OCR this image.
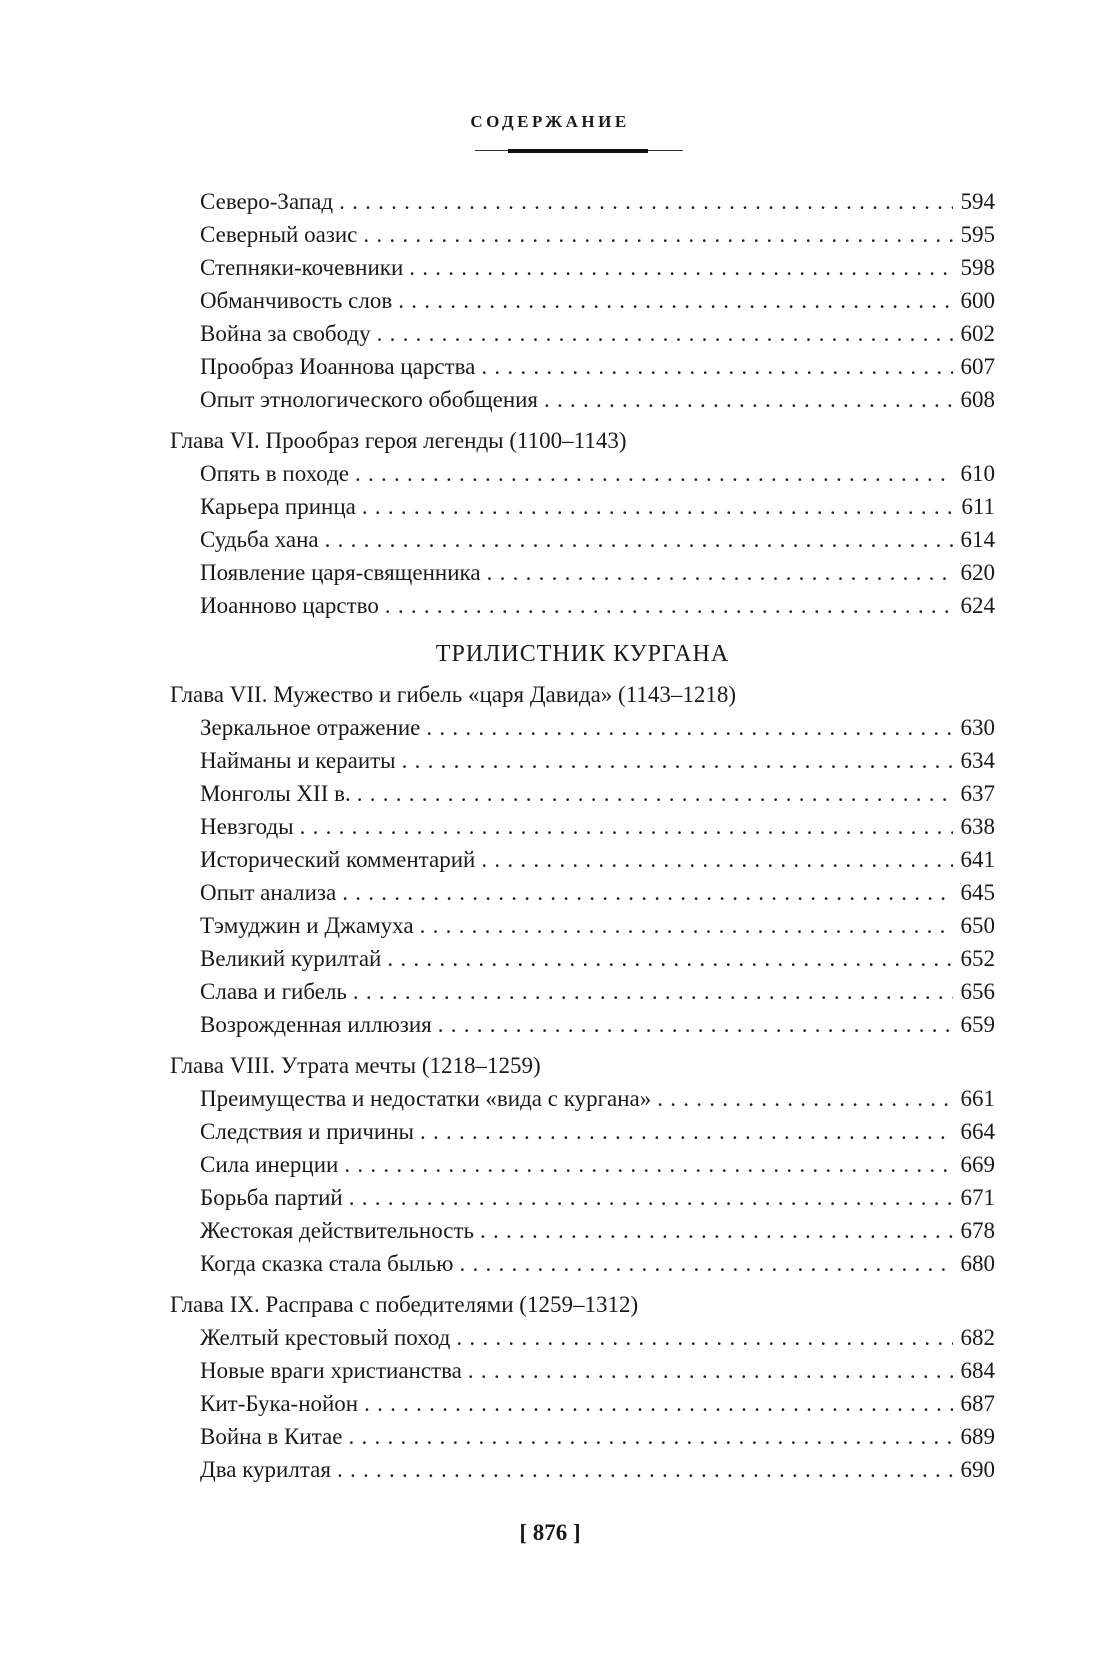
СОДЕРЖАНИЕ
Северо-Запад . . .	594
Северный оазис . . .	595
Степняки-кочевники . . .	598
Обманчивость слов . . .	600
Война за свободу . . .	602
Прообраз Иоаннова царства . . .	607
Опыт этнологического обобщения . . .	608
Глава VI. Прообраз героя легенды (1100–1143)
Опять в походе . . .	610
Карьера принца . . .	611
Судьба хана . . .	614
Появление царя-священника . . .	620
Иоанново царство . . .	624
ТРИЛИСТНИК КУРГАНА
Глава VII. Мужество и гибель «царя Давида» (1143–1218)
Зеркальное отражение . . .	630
Найманы и кераиты . . .	634
Монголы XII в. . . .	637
Невзгоды . . .	638
Исторический комментарий . . .	641
Опыт анализа . . .	645
Тэмуджин и Джамуха . . .	650
Великий курилтай . . .	652
Слава и гибель . . .	656
Возрожденная иллюзия . . .	659
Глава VIII. Утрата мечты (1218–1259)
Преимущества и недостатки «вида с кургана» . . .	661
Следствия и причины . . .	664
Сила инерции . . .	669
Борьба партий . . .	671
Жестокая действительность . . .	678
Когда сказка стала былью . . .	680
Глава IX. Расправа с победителями (1259–1312)
Желтый крестовый поход . . .	682
Новые враги христианства . . .	684
Кит-Бука-нойон . . .	687
Война в Китае . . .	689
Два курилтая . . .	690
[ 876 ]
